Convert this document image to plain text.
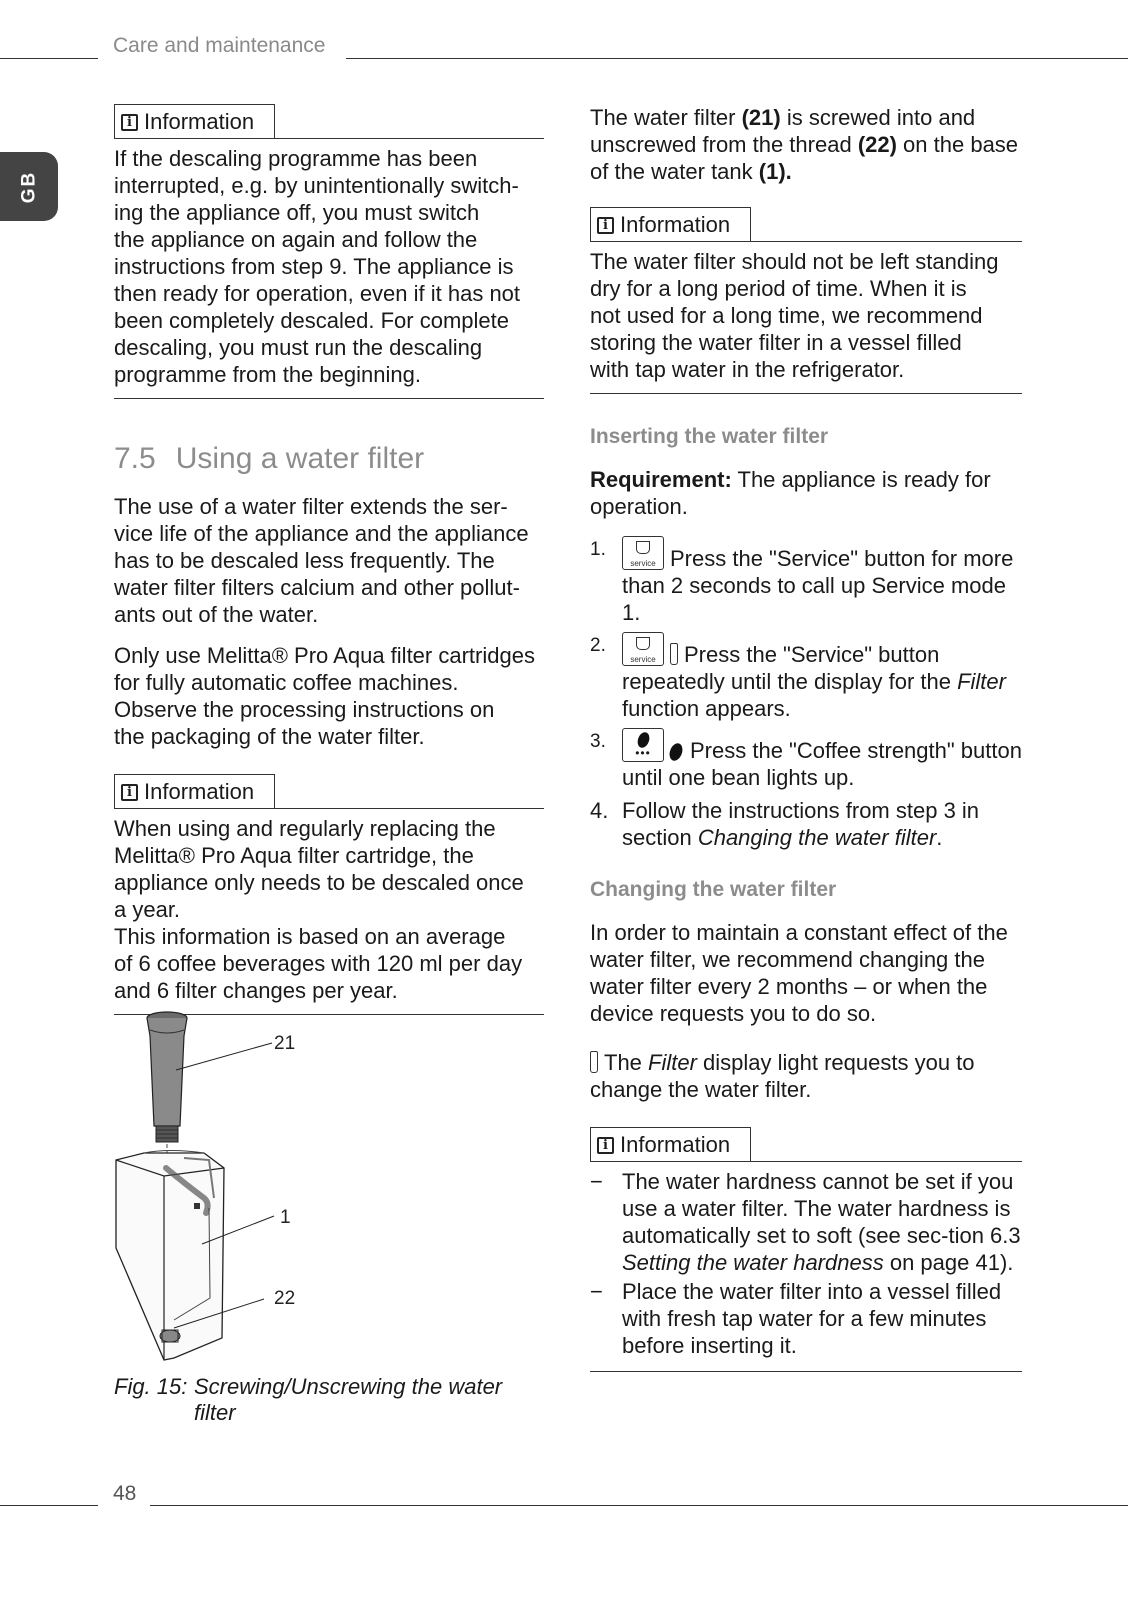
Care and maintenance
GB
i Information

If the descaling programme has been
interrupted, e.g. by unintentionally switch-
ing the appliance off, you must switch
the appliance on again and follow the
instructions from step 9. The appliance is
then ready for operation, even if it has not
been completely descaled. For complete
descaling, you must run the descaling
programme from the beginning.

7.5 Using a water filter

The use of a water filter extends the ser-
vice life of the appliance and the appliance
has to be descaled less frequently. The
water filter filters calcium and other pollut-
ants out of the water.

Only use Melitta® Pro Aqua filter cartridges
for fully automatic coffee machines.
Observe the processing instructions on
the packaging of the water filter.

i Information

When using and regularly replacing the
Melitta® Pro Aqua filter cartridge, the
appliance only needs to be descaled once
a year.
This information is based on an average
of 6 coffee beverages with 120 ml per day
and 6 filter changes per year.

21
1
22
Fig. 15: Screwing/Unscrewing the water filter

The water filter (21) is screwed into and unscrewed from the thread (22) on the base of the water tank (1).

i Information

The water filter should not be left standing
dry for a long period of time. When it is
not used for a long time, we recommend
storing the water filter in a vessel filled
with tap water in the refrigerator.

Inserting the water filter

Requirement: The appliance is ready for operation.

1.
service Press the "Service" button for more than 2 seconds to call up Service mode 1.
2.
service	Press the "Service" button repeatedly until the display for the Filter function appears.
3.
•••	Press the "Coffee strength" button until one bean lights up.
4. Follow the instructions from step 3 in section Changing the water filter.
Changing the water filter

In order to maintain a constant effect of the water filter, we recommend changing the water filter every 2 months – or when the device requests you to do so.

The Filter display light requests you to change the water filter.

i Information
− The water hardness cannot be set if you use a water filter. The water hardness is automatically set to soft (see sec-tion 6.3 Setting the water hardness on page 41).
− Place the water filter into a vessel filled with fresh tap water for a few minutes before inserting it.
48
